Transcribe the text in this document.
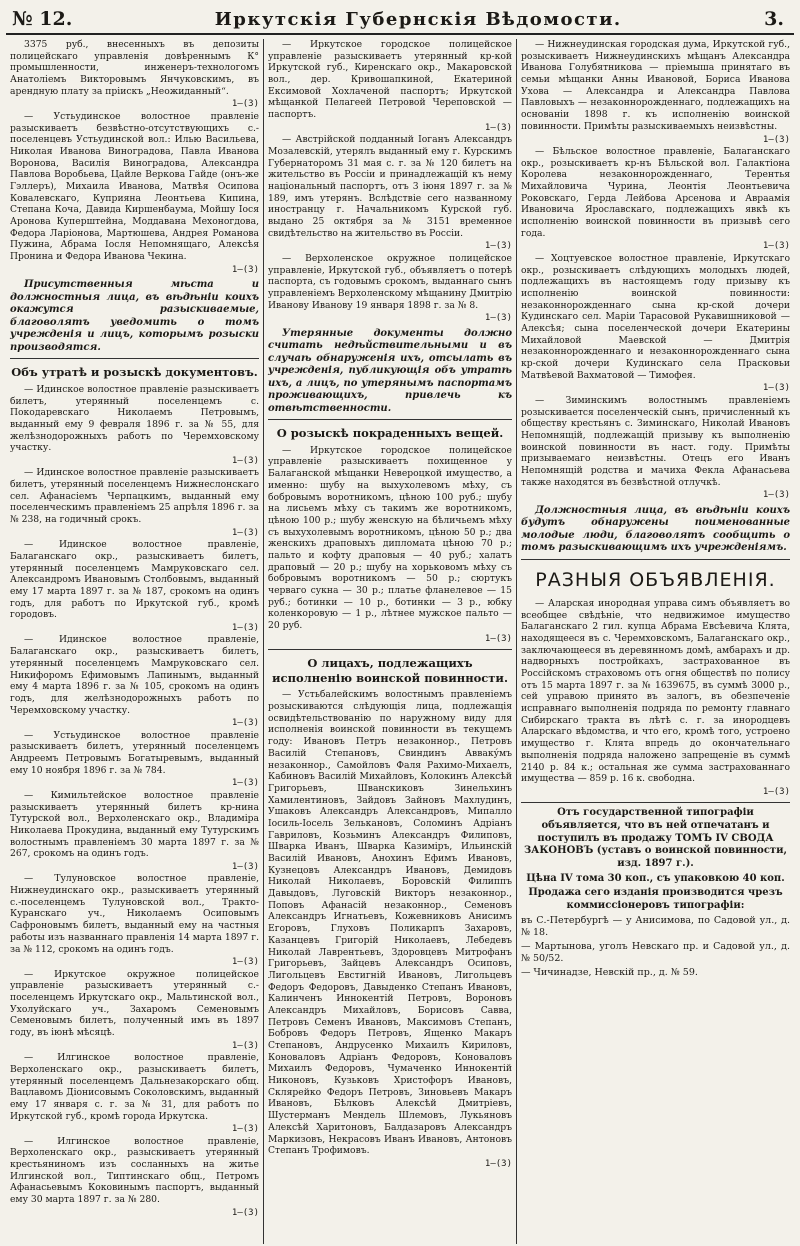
№ 12.	Иркутскія Губернскія Вѣдомости.	3.

3375 руб., внесенныхъ въ депозиты полицейскаго управленія довѣреннымъ К° промышленности, инженеръ-технологомъ Анатоліемъ Викторовымъ Янчуковскимъ, въ арендную плату за пріискъ „Неожиданный“.

1—(3)

— Устьудинское волостное правленіе разыскиваетъ безвѣстно-отсутствующихъ с.-поселенцевъ Устьудинской вол.: Илью Васильева, Николая Иванова Виноградова, Павла Иванова Воронова, Василія Виноградова, Александра Павлова Воробьева, Цайле Веркова Гайде (онъ-же Гэллеръ), Михаила Иванова, Матвѣя Осипова Ковалевскаго, Куприяна Леонтьева Кипина, Степана Коча, Давида Киршенбаума, Мойшу Іося Аронова Куперштейна, Моддавана Мехоногдова, Федора Ларіонова, Мартюшева, Андрея Романова Пужина, Абрама Іосля Непомнящаго, Алексѣя Пронина и Федора Иванова Чекина.

1—(3)

Присутственныя мѣста и должностныя лица, въ вѣдѣніи коихъ окажутся разыскиваемые, благоволятъ уведомить о томъ учрежденія и лицъ, которымъ розыски производятся.

Объ утратѣ и розыскѣ документовъ.

— Идинское волостное правленіе разыскиваетъ билетъ, утерянный поселенцемъ с. Покодаревскаго Николаемъ Петровымъ, выданный ему 9 февраля 1896 г. за № 55, для желѣзнодорожныхъ работъ по Черемховскому участку.

1—(3)

— Идинское волостное правленіе разыскиваетъ билетъ, утерянный поселенцемъ Нижнеслонскаго сел. Афанасіемъ Черпацкимъ, выданный ему поселенческимъ правленіемъ 25 апрѣля 1896 г. за № 238, на годичный срокъ.

1—(3)

— Идинское волостное правленіе, Балаганскаго окр., разыскиваетъ билетъ, утерянный поселенцемъ Мамруковскаго сел. Александромъ Ивановымъ Столбовымъ, выданный ему 17 марта 1897 г. за № 187, срокомъ на одинъ годъ, для работъ по Иркутской губ., кромѣ городовъ.

1—(3)

— Идинское волостное правленіе, Балаганскаго окр., разыскиваетъ билетъ, утерянный поселенцемъ Мамруковскаго сел. Никифоромъ Ефимовымъ Лапинымъ, выданный ему 4 марта 1896 г. за № 105, срокомъ на одинъ годъ, для желѣзнодорожныхъ работъ по Черемховскому участку.

1—(3)

— Устьудинское волостное правленіе разыскиваетъ билетъ, утерянный поселенцемъ Андреемъ Петровымъ Богатыревымъ, выданный ему 10 ноября 1896 г. за № 784.

1—(3)

— Кимильтейское волостное правленіе разыскиваетъ утерянный билетъ кр-нина Тутурской вол., Верхоленскаго окр., Владиміра Николаева Прокудина, выданный ему Тутурскимъ волостнымъ правленіемъ 30 марта 1897 г. за № 267, срокомъ на одинъ годъ.

1—(3)

— Тулуновское волостное правленіе, Нижнеудинскаго окр., разыскиваетъ утерянный с.-поселенцемъ Тулуновской вол., Тракто-Куранскаго уч., Николаемъ Осиповымъ Сафроновымъ билетъ, выданный ему на частныя работы изъ названнаго правленія 14 марта 1897 г. за № 112, срокомъ на одинъ годъ.

1—(3)

— Иркутское окружное полицейское управленіе разыскиваетъ утерянный с.-поселенцемъ Иркутскаго окр., Мальтинской вол., Ухолуйскаго уч., Захаромъ Семеновымъ Семеновымъ билетъ, полученный имъ въ 1897 году, въ іюнѣ мѣсяцѣ.

1—(3)

— Илгинское волостное правленіе, Верхоленскаго окр., разыскиваетъ билетъ, утерянный поселенцемъ Дальнезакорскаго общ. Вацлавомъ Діонисовымъ Соколовскимъ, выданный ему 17 января с. г. за № 31, для работъ по Иркутской губ., кромѣ города Иркутска.

1—(3)

— Илгинское волостное правленіе, Верхоленскаго окр., разыскиваетъ утерянный крестьяниномъ изъ сосланныхъ на житье Илгинской вол., Типтинскаго общ., Петромъ Афанасьевымъ Коковинымъ паспортъ, выданный ему 30 марта 1897 г. за № 280.

1—(3)

— Иркутское городское полицейское управленіе разыскиваетъ утерянный кр-кой Иркутской губ., Киренскаго окр., Макаровской вол., дер. Кривошапкиной, Екатериной Ексимовой Хохлаченой паспортъ; Иркутской мѣщанкой Пелагеей Петровой Череповской — паспортъ.

1—(3)

— Австрійской подданный Іоганъ Александръ Мозалевскій, утерялъ выданный ему г. Курскимъ Губернаторомъ 31 мая с. г. за № 120 билетъ на жительство въ Россіи и принадлежащій къ нему національный паспортъ, отъ 3 іюня 1897 г. за № 189, имъ утерянъ. Вслѣдствіе сего названному иностранцу г. Начальникомъ Курской губ. выдано 25 октября за № 3151 временное свидѣтельство на жительство въ Россіи.

1—(3)

— Верхоленское окружное полицейское управленіе, Иркутской губ., объявляетъ о потерѣ паспорта, съ годовымъ срокомъ, выданнаго сынъ управленіемъ Верхоленскому мѣщанину Дмитрію Иванову Иванову 19 января 1898 г. за № 8.

1—(3)

Утерянные документы должно считать недѣйствительными и въ случаѣ обнаруженія ихъ, отсылать въ учрежденія, публикующія объ утратѣ ихъ, а лицъ, по утерянымъ паспортамъ проживающихъ, привлечь къ отвѣтственности.

О розыскѣ покраденныхъ вещей.

— Иркутское городское полицейское управленіе разыскиваетъ похищенное у Балаганской мѣщанки Невероцкой имущество, а именно: шубу на выхухолевомъ мѣху, съ бобровымъ воротникомъ, цѣною 100 руб.; шубу на лисьемъ мѣху съ такимъ же воротникомъ, цѣною 100 р.; шубу женскую на бѣличьемъ мѣху съ выхухолевымъ воротникомъ, цѣною 50 р.; два женскихъ драповыхъ дипломата цѣною 70 р.; пальто и кофту драповыя — 40 руб.; халатъ драповый — 20 р.; шубу на хорьковомъ мѣху съ бобровымъ воротникомъ — 50 р.; сюртукъ черваго сукна — 30 р.; платье фланелевое — 15 руб.; ботинки — 10 р., ботинки — 3 р., юбку коленкоровую — 1 р., лѣтнее мужское пальто — 20 руб.

1—(3)

О лицахъ, подлежащихъ исполненію воинской повинности.

— Устьбалейскимъ волостнымъ правленіемъ розыскиваются слѣдующія лица, подлежащія освидѣтельствованію по наружному виду для исполненія воинской повинности въ текущемъ году: Ивановъ Петръ незаконнор., Петровъ Василій Степановъ, Свиндинъ Авваку́мъ незаконнор., Самойловъ Фаля Рахимо-Михаелъ, Кабиновъ Василій Михайловъ, Колокинъ Алексѣй Григорьевъ, Шванскиковъ Зинельхинъ Хамилентиновъ, Зайдовъ Зайновъ Махлудинъ, Ушаковъ Александръ Александровъ, Мипалло Іосиль-Іосель Зелькановъ, Соломинъ Адріанъ Гавриловъ, Козьминъ Александръ Филиповъ, Шварка Иванъ, Шварка Казиміръ, Ильинскій Василій Ивановъ, Анохинъ Ефимъ Ивановъ, Кузнецовъ Александръ Ивановъ, Демидовъ Николай Николаевъ, Боровскій Филиппъ Давыдовъ, Луговскій Викторъ незаконнор., Поповъ Афанасій незаконнор., Семеновъ Александръ Игнатьевъ, Кожевниковъ Анисимъ Егоровъ, Глуховъ Поликарпъ Захаровъ, Казанцевъ Григорій Николаевъ, Лебедевъ Николай Лаврентьевъ, Здоровцевъ Митрофанъ Григорьевъ, Зайцевъ Александръ Осиповъ, Лигольцевъ Евстигній Ивановъ, Лигольцевъ Федоръ Федоровъ, Давыденко Степанъ Ивановъ, Калинченъ Иннокентій Петровъ, Вороновъ Александръ Михайловъ, Борисовъ Савва, Петровъ Семенъ Ивановъ, Максимовъ Степанъ, Бобровъ Федоръ Петровъ, Ященко Макаръ Степановъ, Андрусенко Михаилъ Кириловъ, Коноваловъ Адріанъ Федоровъ, Коноваловъ Михаилъ Федоровъ, Чумаченко Иннокентій Никоновъ, Кузьковъ Христофоръ Ивановъ, Склярейко Федоръ Петровъ, Зиновьевъ Макаръ Ивановъ, Бѣлковъ Алексѣй Дмитріевъ, Шустерманъ Мендель Шлемовъ, Лукьяновъ Алексѣй Харитоновъ, Балдазаровъ Александръ Маркизовъ, Некрасовъ Иванъ Ивановъ, Антоновъ Степанъ Трофимовъ.

1—(3)

— Нижнеудинская городская дума, Иркутской губ., розыскиваетъ Нижнеудинскихъ мѣщанъ Александра Иванова Голубятникова — пріемыша принятаго въ семьи мѣщанки Анны Ивановой, Бориса Иванова Ухова — Александра и Александра Павлова Павловыхъ — незаконнорожденнаго, подлежащихъ на основаніи 1898 г. къ исполненію воинской повинности. Примѣты разыскиваемыхъ неизвѣстны.

1—(3)

— Бѣльское волостное правленіе, Балаганскаго окр., розыскиваетъ кр-нъ Бѣльской вол. Галактіона Королева незаконнорожденнаго, Терентья Михайловича Чурина, Леонтія Леонтьевича Роковскаго, Герда Лейбова Арсенова и Авраамія Ивановича Ярославскаго, подлежащихъ явкѣ къ исполненію воинской повинности въ призывѣ сего года.

1—(3)

— Хоцтуевское волостное правленіе, Иркутскаго окр., розыскиваетъ слѣдующихъ молодыхъ людей, подлежащихъ въ настоящемъ году призыву къ исполненію воинской повинности: незаконнорожденнаго сына кр-ской дочери Кудинскаго сел. Маріи Тарасовой Рукавишниковой — Алексѣя; сына поселенческой дочери Екатерины Михайловой Маевской — Дмитрія незаконнорожденнаго и незаконнорожденнаго сына кр-ской дочери Кудинскаго села Прасковьи Матвѣевой Вахматовой — Тимофея.

1—(3)

— Зиминскимъ волостнымъ правленіемъ розыскивается поселенческій сынъ, причисленный къ обществу крестьянъ с. Зиминскаго, Николай Ивановъ Непомнящій, подлежащій призыву къ выполненію воинской повинности въ наст. году. Примѣты призываемаго неизвѣстны. Отецъ его Иванъ Непомнящій родства и мачиха Фекла Афанасьева также находятся въ безвѣстной отлучкѣ.

1—(3)

Должностныя лица, въ вѣдѣніи коихъ будутъ обнаружены поименованные молодые люди, благоволятъ сообщить о томъ разыскивающимъ ихъ учрежденіямъ.

РАЗНЫЯ ОБЪЯВЛЕНІЯ.

— Аларская инородная управа симъ объявляетъ во всеобщее свѣдѣніе, что недвижимое имущество Балаганскаго 2 гил. купца Абрама Евсѣевича Клята, находящееся въ с. Черемховскомъ, Балаганскаго окр., заключающееся въ деревянномъ домѣ, амбарахъ и др. надворныхъ постройкахъ, застрахованное въ Россійскомъ страховомъ отъ огня обществѣ по полису отъ 15 марта 1897 г. за № 1639675, въ суммѣ 3000 р., сей управою принято въ залогъ, въ обезпеченіе исправнаго выполненія подряда по ремонту главнаго Сибирскаго тракта въ лѣтѣ с. г. за инородцевъ Аларскаго вѣдомства, и что его, кромѣ того, устроено имущество г. Клята впредь до окончательнаго выполненія подряда наложено запрещеніе въ суммѣ 2140 р. 84 к.; остальная же сумма застрахованнаго имущества — 859 р. 16 к. свободна.

1—(3)

Отъ государственной типографіи объявляется, что въ ней отпечатанъ и поступилъ въ продажу ТОМЪ IV СВОДА ЗАКОНОВЪ (уставъ о воинской повинности, изд. 1897 г.).

Цѣна IV тома 30 коп., съ упаковкою 40 коп.

Продажа сего изданія производится чрезъ коммиссіонеровъ типографіи:

въ С.-Петербургѣ — у Анисимова, по Садовой ул., д. № 18.

— Мартынова, уголъ Невскаго пр. и Садовой ул., д. № 50/52.

— Чичинадзе, Невскій пр., д. № 59.
